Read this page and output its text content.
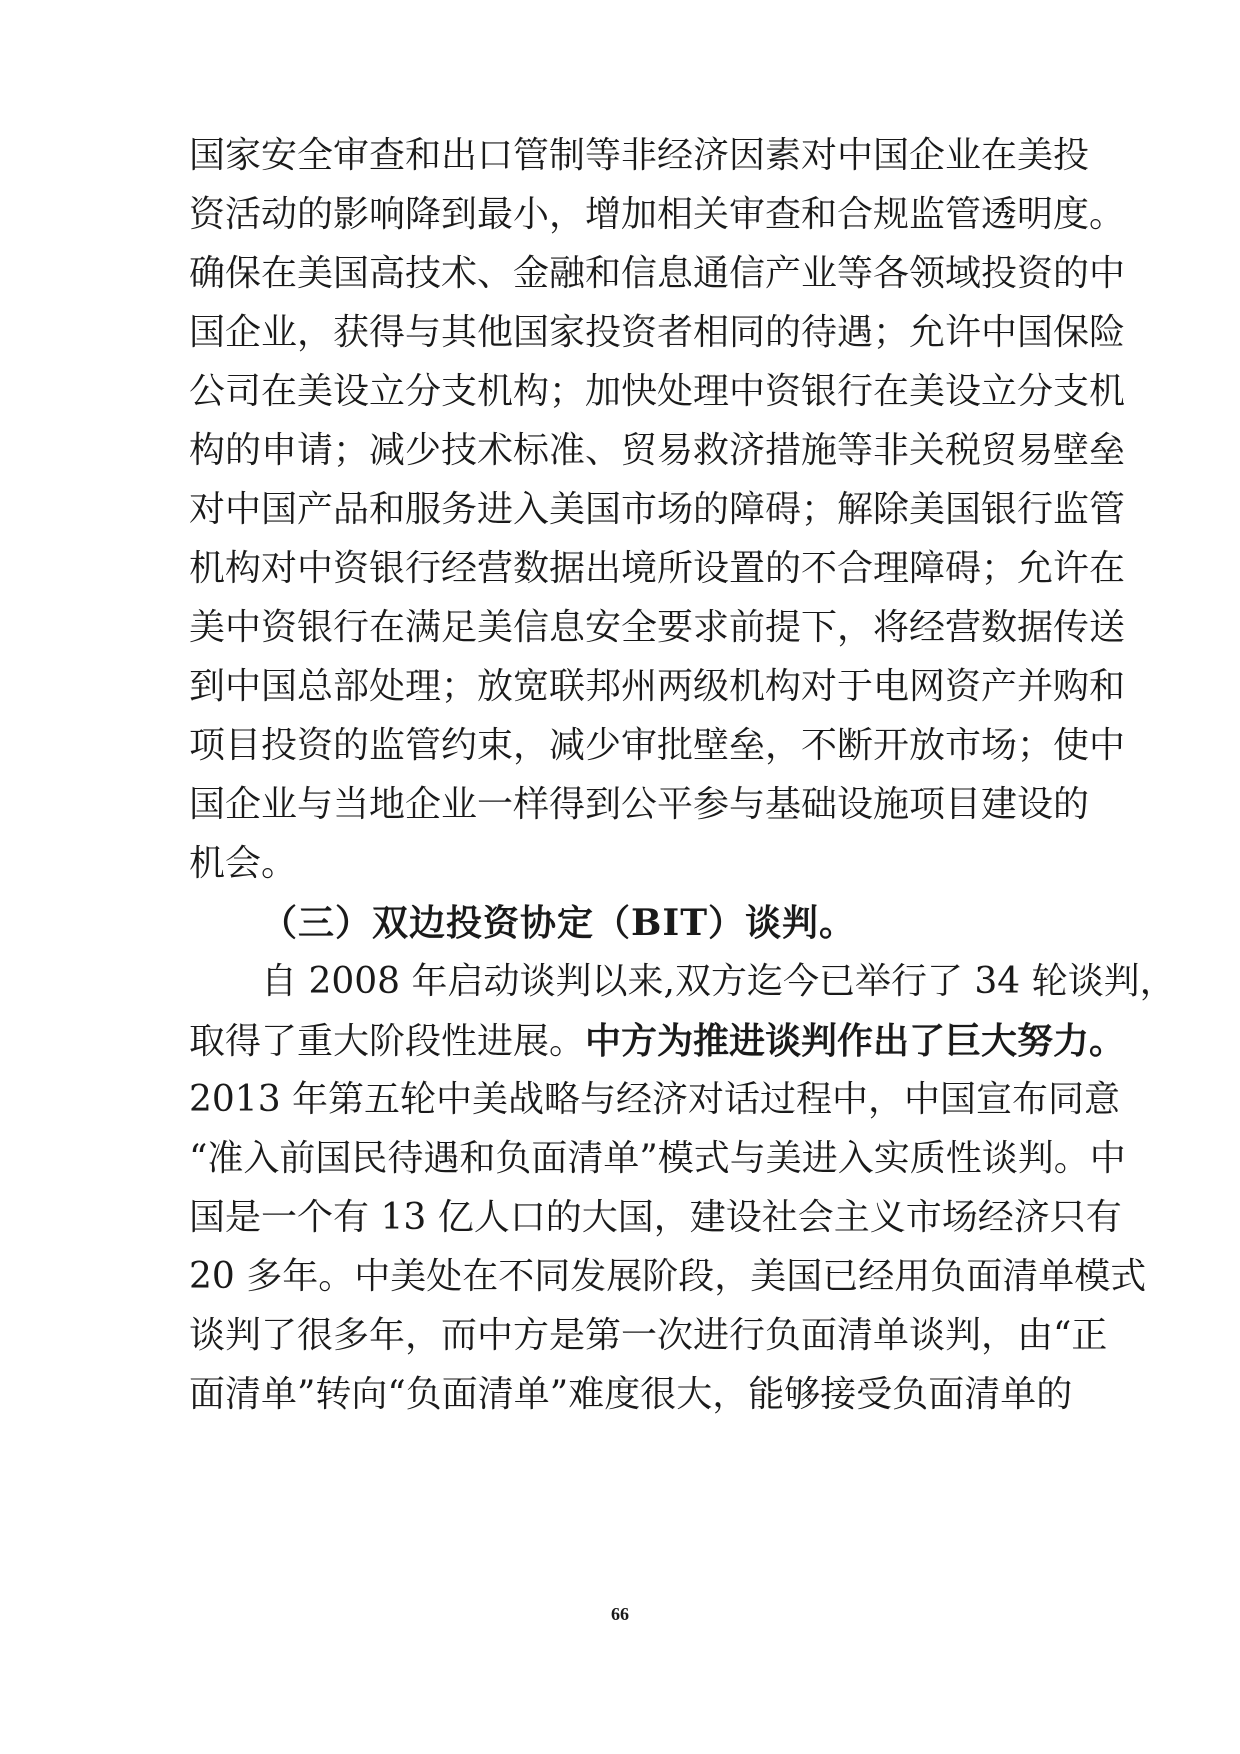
国家安全审查和出口管制等非经济因素对中国企业在美投
资活动的影响降到最小，增加相关审查和合规监管透明度。
确保在美国高技术、金融和信息通信产业等各领域投资的中
国企业，获得与其他国家投资者相同的待遇；允许中国保险
公司在美设立分支机构；加快处理中资银行在美设立分支机
构的申请；减少技术标准、贸易救济措施等非关税贸易壁垒
对中国产品和服务进入美国市场的障碍；解除美国银行监管
机构对中资银行经营数据出境所设置的不合理障碍；允许在
美中资银行在满足美信息安全要求前提下，将经营数据传送
到中国总部处理；放宽联邦州两级机构对于电网资产并购和
项目投资的监管约束，减少审批壁垒，不断开放市场；使中
国企业与当地企业一样得到公平参与基础设施项目建设的
机会。
（三）双边投资协定（BIT）谈判。
自 2008 年启动谈判以来,双方迄今已举行了 34 轮谈判，
取得了重大阶段性进展。中方为推进谈判作出了巨大努力。
2013 年第五轮中美战略与经济对话过程中，中国宣布同意
“准入前国民待遇和负面清单”模式与美进入实质性谈判。中
国是一个有 13 亿人口的大国，建设社会主义市场经济只有
20 多年。中美处在不同发展阶段，美国已经用负面清单模式
谈判了很多年，而中方是第一次进行负面清单谈判，由“正
面清单”转向“负面清单”难度很大，能够接受负面清单的
66
